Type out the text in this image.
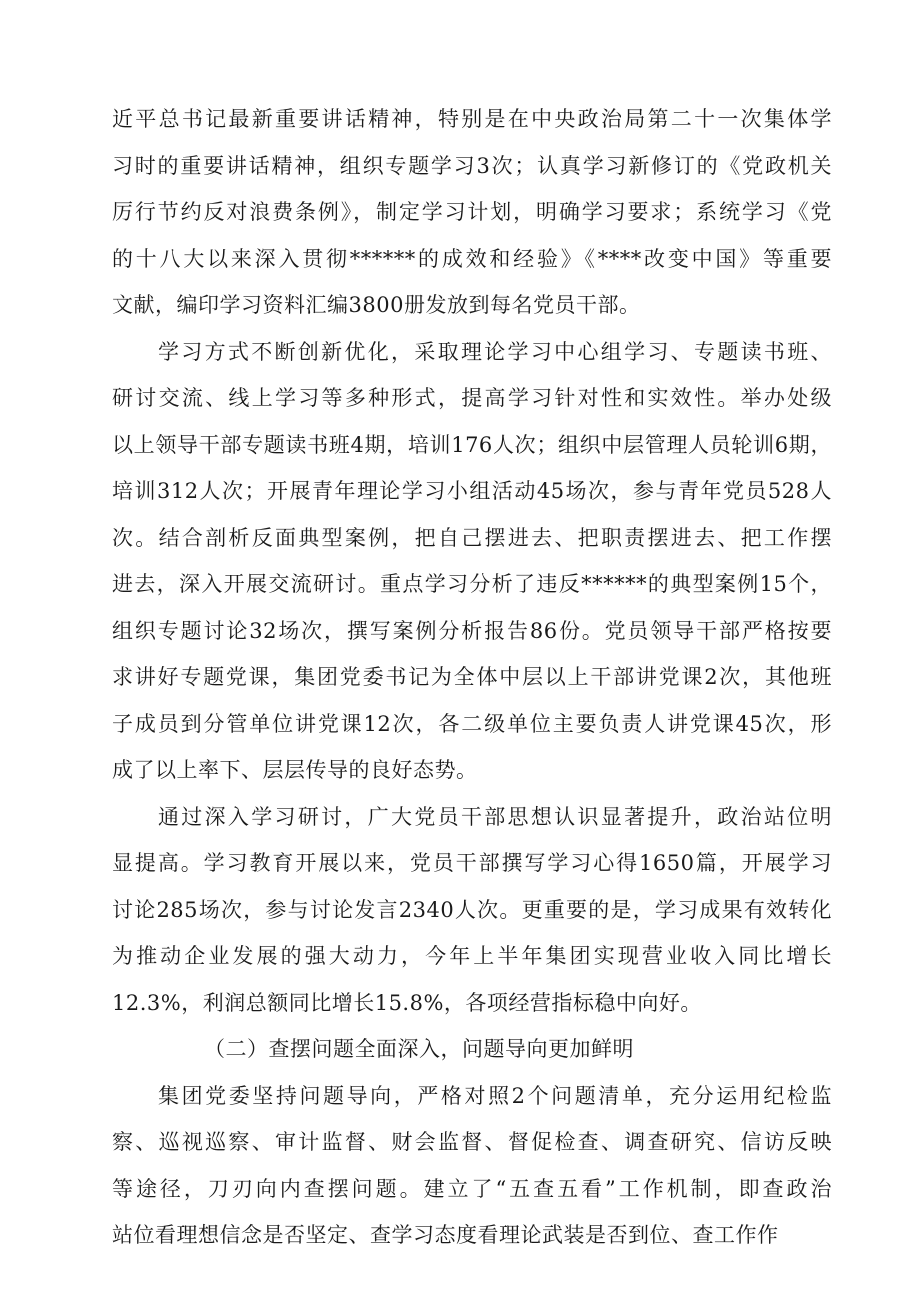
近平总书记最新重要讲话精神，特别是在中央政治局第二十一次集体学
习时的重要讲话精神，组织专题学习3次；认真学习新修订的《党政机关
厉行节约反对浪费条例》，制定学习计划，明确学习要求；系统学习《党
的十八大以来深入贯彻******的成效和经验》《****改变中国》等重要
文献，编印学习资料汇编3800册发放到每名党员干部。
学习方式不断创新优化，采取理论学习中心组学习、专题读书班、
研讨交流、线上学习等多种形式，提高学习针对性和实效性。举办处级
以上领导干部专题读书班4期，培训176人次；组织中层管理人员轮训6期，
培训312人次；开展青年理论学习小组活动45场次，参与青年党员528人
次。结合剖析反面典型案例，把自己摆进去、把职责摆进去、把工作摆
进去，深入开展交流研讨。重点学习分析了违反******的典型案例15个，
组织专题讨论32场次，撰写案例分析报告86份。党员领导干部严格按要
求讲好专题党课，集团党委书记为全体中层以上干部讲党课2次，其他班
子成员到分管单位讲党课12次，各二级单位主要负责人讲党课45次，形
成了以上率下、层层传导的良好态势。
通过深入学习研讨，广大党员干部思想认识显著提升，政治站位明
显提高。学习教育开展以来，党员干部撰写学习心得1650篇，开展学习
讨论285场次，参与讨论发言2340人次。更重要的是，学习成果有效转化
为推动企业发展的强大动力，今年上半年集团实现营业收入同比增长
12.3%，利润总额同比增长15.8%，各项经营指标稳中向好。
（二）查摆问题全面深入，问题导向更加鲜明
集团党委坚持问题导向，严格对照2个问题清单，充分运用纪检监
察、巡视巡察、审计监督、财会监督、督促检查、调查研究、信访反映
等途径，刀刃向内查摆问题。建立了“五查五看”工作机制，即查政治
站位看理想信念是否坚定、查学习态度看理论武装是否到位、查工作作
